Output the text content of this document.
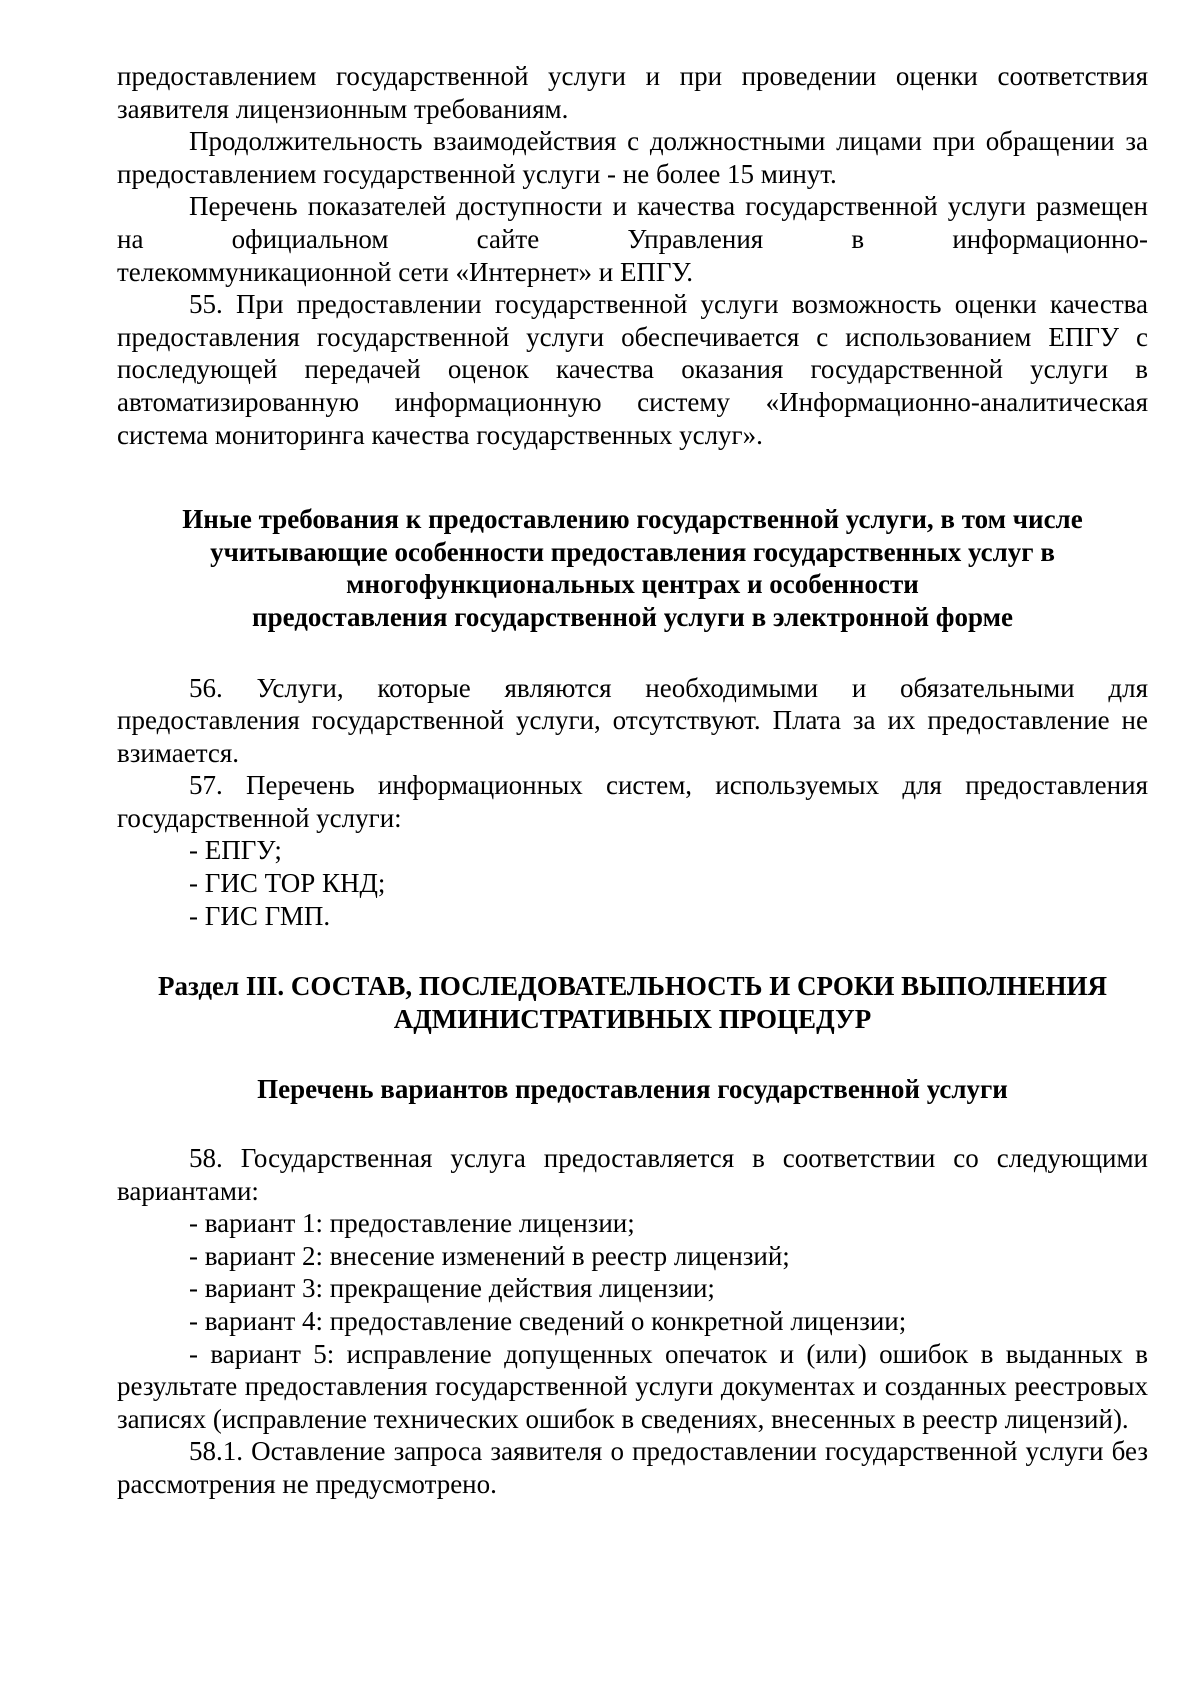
предоставлением государственной услуги и при проведении оценки соответствия заявителя лицензионным требованиям.

Продолжительность взаимодействия с должностными лицами при обращении за предоставлением государственной услуги - не более 15 минут.

Перечень показателей доступности и качества государственной услуги размещен на официальном сайте Управления в информационно-

телекоммуникационной сети «Интернет» и ЕПГУ.

55. При предоставлении государственной услуги возможность оценки качества предоставления государственной услуги обеспечивается с использованием ЕПГУ с последующей передачей оценок качества оказания государственной услуги в автоматизированную информационную систему «Информационно-аналитическая система мониторинга качества государственных услуг».

Иные требования к предоставлению государственной услуги, в том числе

учитывающие особенности предоставления государственных услуг в

многофункциональных центрах и особенности

предоставления государственной услуги в электронной форме

56. Услуги, которые являются необходимыми и обязательными для предоставления государственной услуги, отсутствуют. Плата за их предоставление не взимается.

57. Перечень информационных систем, используемых для предоставления государственной услуги:

- ЕПГУ;

- ГИС ТОР КНД;

- ГИС ГМП.

Раздел III. СОСТАВ, ПОСЛЕДОВАТЕЛЬНОСТЬ И СРОКИ ВЫПОЛНЕНИЯ

АДМИНИСТРАТИВНЫХ ПРОЦЕДУР

Перечень вариантов предоставления государственной услуги

58. Государственная услуга предоставляется в соответствии со следующими вариантами:

- вариант 1: предоставление лицензии;

- вариант 2: внесение изменений в реестр лицензий;

- вариант 3: прекращение действия лицензии;

- вариант 4: предоставление сведений о конкретной лицензии;

- вариант 5: исправление допущенных опечаток и (или) ошибок в выданных в результате предоставления государственной услуги документах и созданных реестровых записях (исправление технических ошибок в сведениях, внесенных в реестр лицензий).

58.1. Оставление запроса заявителя о предоставлении государственной услуги без рассмотрения не предусмотрено.
